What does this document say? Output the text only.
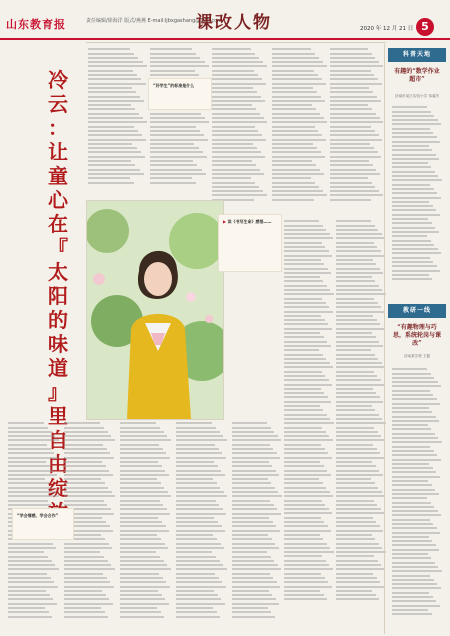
山东教育报	责任编辑/徐海洋 版式/燕燕 E-mail:ljbxgashang@126.com
课改人物	2020 年 12 月 21 日 5
冷
云
：
让
童
心
在
『
太
阳
的
味
道
』
里
自
由
绽
▶ 读《书写生命》感悟……
“学会情感、学会合作”
“好学生”的标准是什么
科普天地
有趣的“数学作业超市”
济南市某区实验小学 邹睿杰
教研一线
“有趣物理与巧思，系统轮岗与课改”
济南某学校 王磊
